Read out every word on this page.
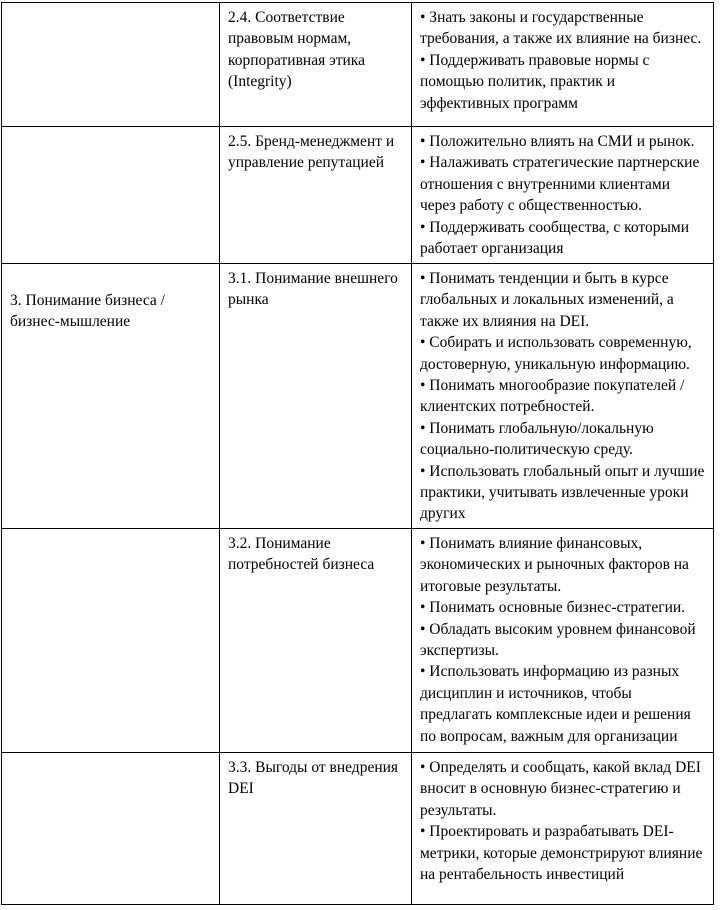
	2.4. Соответствие правовым нормам, корпоративная этика (Integrity)	• Знать законы и государственные требования, а также их влияние на бизнес.
• Поддерживать правовые нормы с помощью политик, практик и эффективных программ

	2.5. Бренд-менеджмент и управление репутацией	• Положительно влиять на СМИ и рынок.
• Налаживать стратегические партнерские отношения с внутренними клиентами через работу с общественностью.
• Поддерживать сообщества, с которыми работает организация

3. Понимание бизнеса / бизнес-мышление	3.1. Понимание внешнего рынка	• Понимать тенденции и быть в курсе глобальных и локальных изменений, а также их влияния на DEI.
• Собирать и использовать современную, достоверную, уникальную информацию.
• Понимать многообразие покупателей / клиентских потребностей.
• Понимать глобальную/локальную социально-политическую среду.
• Использовать глобальный опыт и лучшие практики, учитывать извлеченные уроки других

	3.2. Понимание потребностей бизнеса	• Понимать влияние финансовых, экономических и рыночных факторов на итоговые результаты.
• Понимать основные бизнес-стратегии.
• Обладать высоким уровнем финансовой экспертизы.
• Использовать информацию из разных дисциплин и источников, чтобы предлагать комплексные идеи и решения по вопросам, важным для организации

	3.3. Выгоды от внедрения DEI	• Определять и сообщать, какой вклад DEI вносит в основную бизнес-стратегию и результаты.
• Проектировать и разрабатывать DEI-метрики, которые демонстрируют влияние на рентабельность инвестиций
